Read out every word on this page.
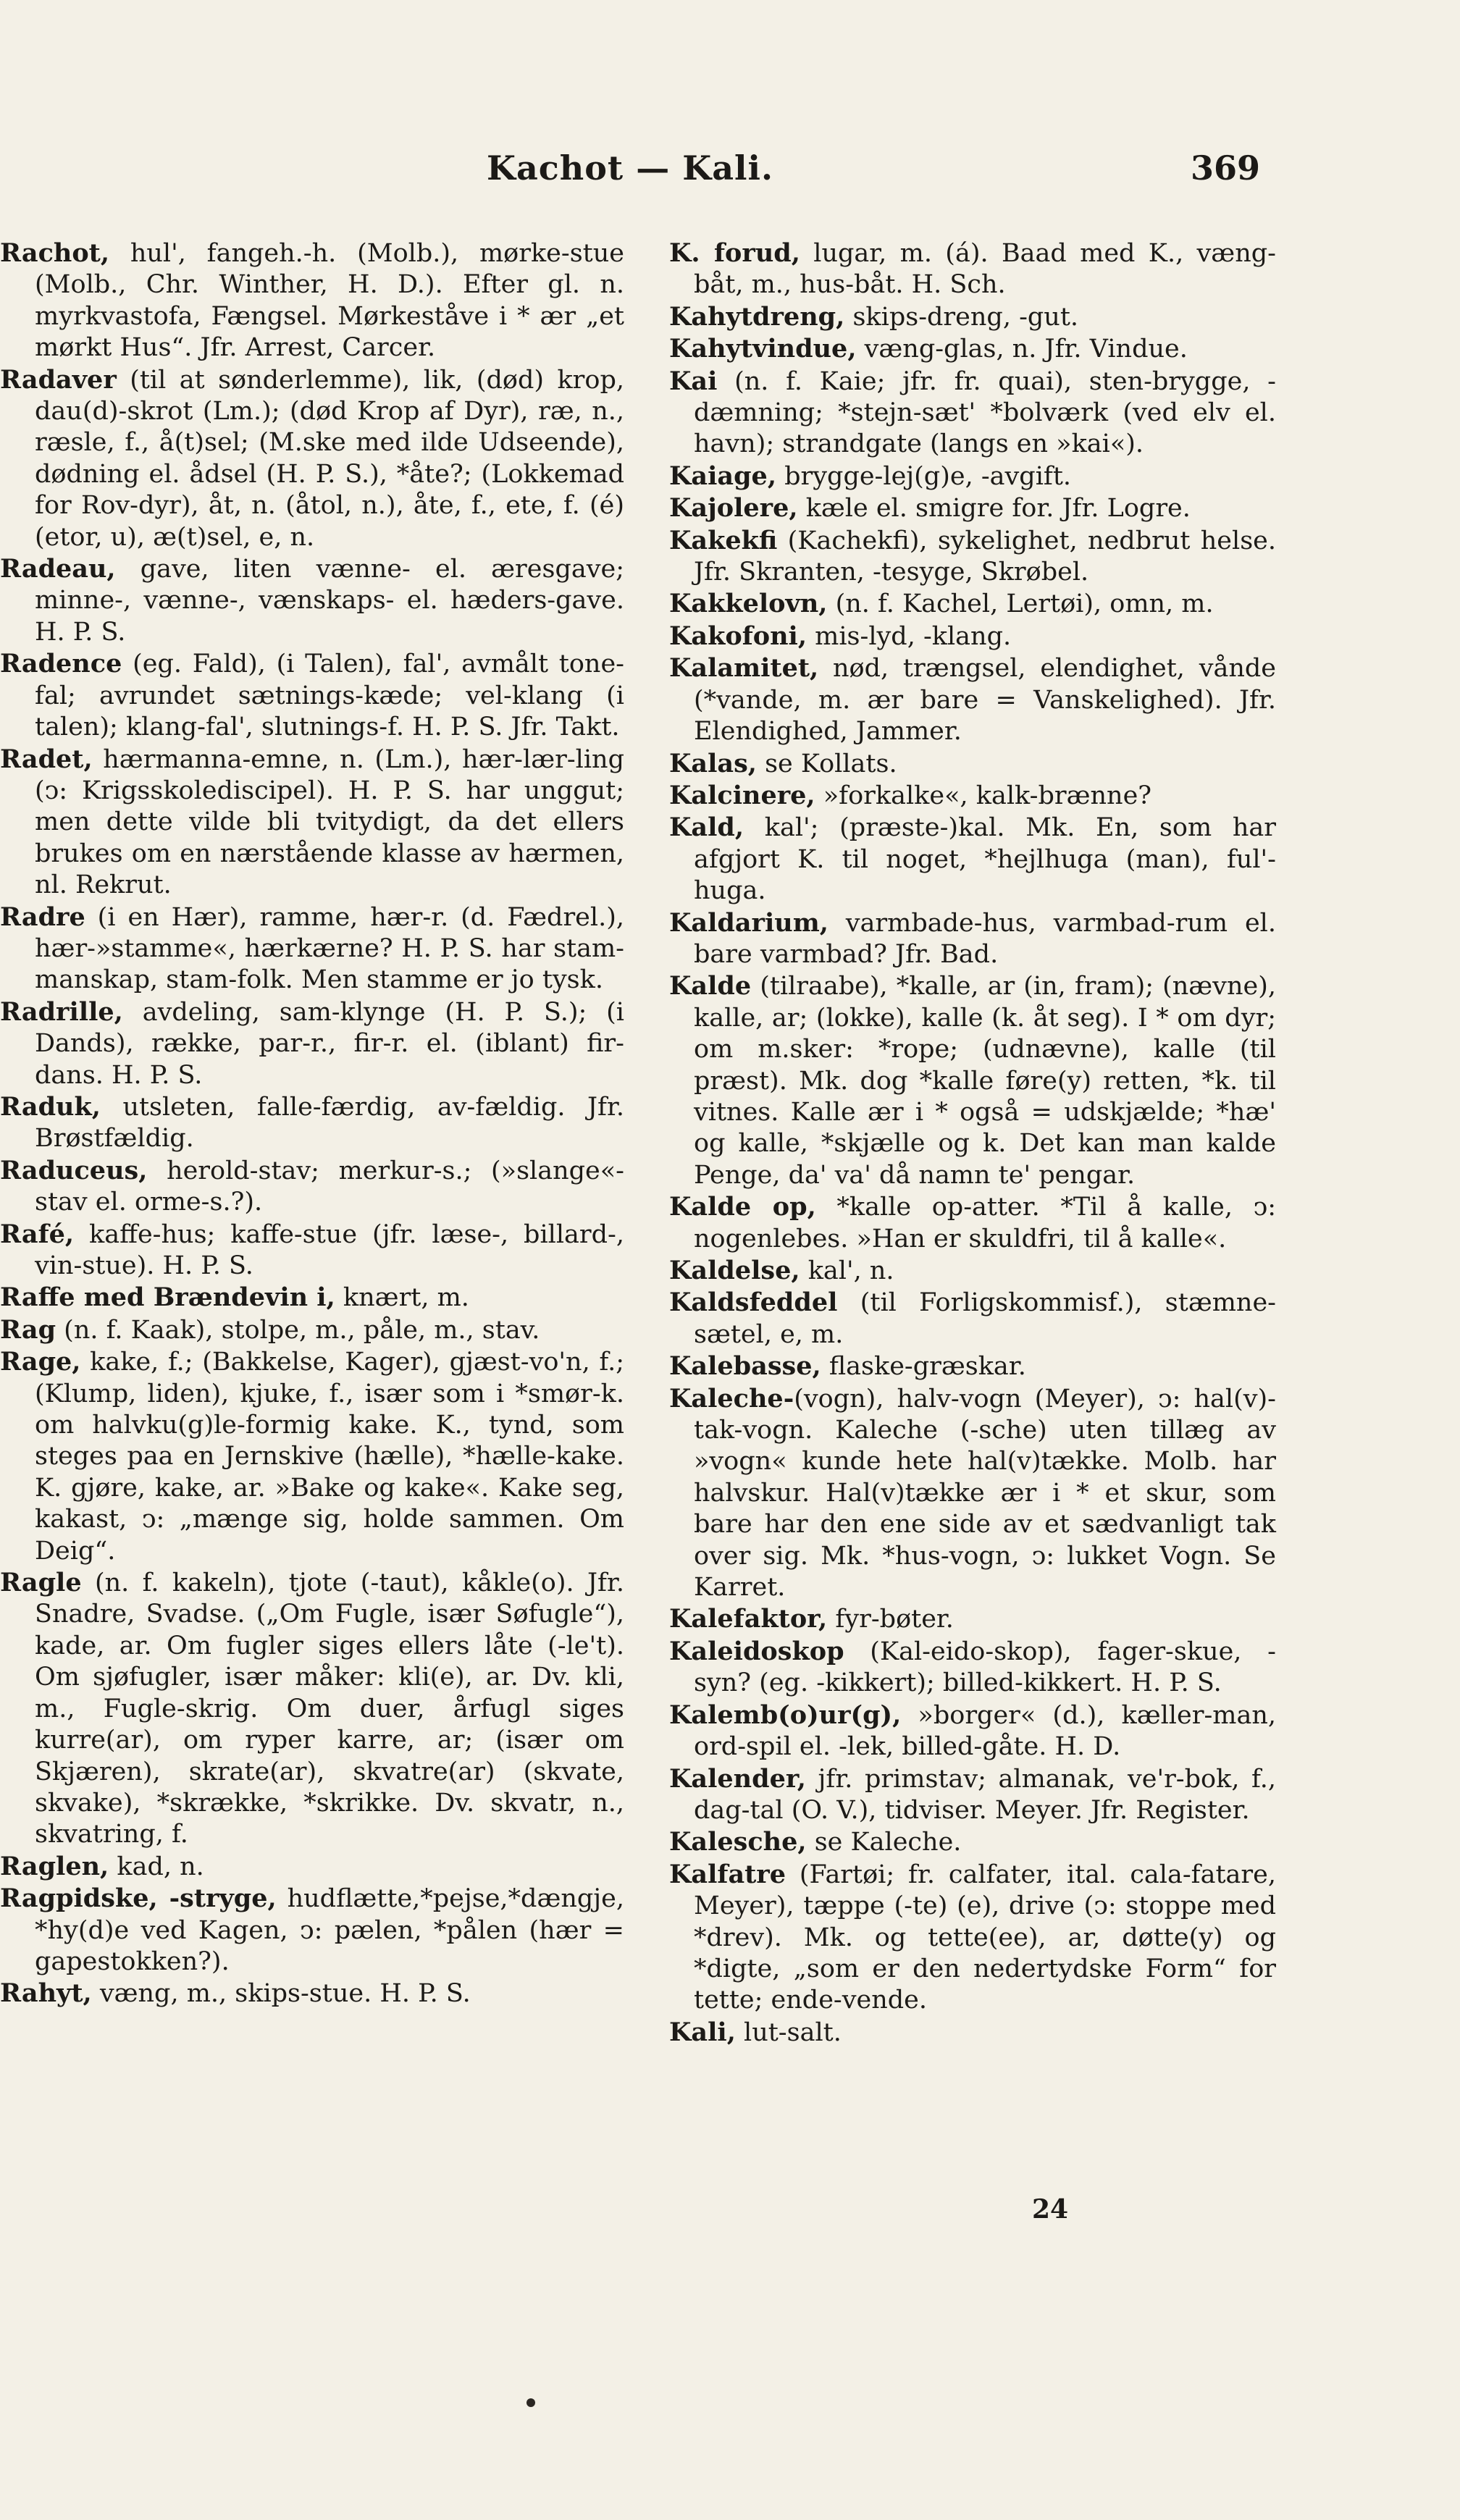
Kachot — Kali.	369

Rachot, hul', fangeh.-h. (Molb.), mørke-stue (Molb., Chr. Winther, H. D.). Efter gl. n. myrkvastofa, Fængsel. Mørkeståve i * ær „et mørkt Hus“. Jfr. Arrest, Carcer.

Radaver (til at sønderlemme), lik, (død) krop, dau(d)-skrot (Lm.); (død Krop af Dyr), ræ, n., ræsle, f., å(t)sel; (M.ske med ilde Udseende), dødning el. ådsel (H. P. S.), *åte?; (Lokkemad for Rov-dyr), åt, n. (åtol, n.), åte, f., ete, f. (é) (etor, u), æ(t)sel, e, n.

Radeau, gave, liten vænne- el. æresgave; minne-, vænne-, vænskaps- el. hæders-gave. H. P. S.

Radence (eg. Fald), (i Talen), fal', avmålt tone-fal; avrundet sætnings-kæde; vel-klang (i talen); klang-fal', slutnings-f. H. P. S. Jfr. Takt.

Radet, hærmanna-emne, n. (Lm.), hær-lær-ling (ↄ: Krigsskolediscipel). H. P. S. har unggut; men dette vilde bli tvitydigt, da det ellers brukes om en nærstående klasse av hærmen, nl. Rekrut.

Radre (i en Hær), ramme, hær-r. (d. Fædrel.), hær-»stamme«, hærkærne? H. P. S. har stam-manskap, stam-folk. Men stamme er jo tysk.

Radrille, avdeling, sam-klynge (H. P. S.); (i Dands), række, par-r., fir-r. el. (iblant) fir-dans. H. P. S.

Raduk, utsleten, falle-færdig, av-fældig. Jfr. Brøstfældig.

Raduceus, herold-stav; merkur-s.; (»slange«-stav el. orme-s.?).

Rafé, kaffe-hus; kaffe-stue (jfr. læse-, billard-, vin-stue). H. P. S.

Raffe med Brændevin i, knært, m.

Rag (n. f. Kaak), stolpe, m., påle, m., stav.

Rage, kake, f.; (Bakkelse, Kager), gjæst-vo'n, f.; (Klump, liden), kjuke, f., især som i *smør-k. om halvku(g)le-formig kake. K., tynd, som steges paa en Jernskive (hælle), *hælle-kake. K. gjøre, kake, ar. »Bake og kake«. Kake seg, kakast, ↄ: „mænge sig, holde sammen. Om Deig“.

Ragle (n. f. kakeln), tjote (-taut), kåkle(o). Jfr. Snadre, Svadse. („Om Fugle, især Søfugle“), kade, ar. Om fugler siges ellers låte (-le't). Om sjøfugler, især måker: kli(e), ar. Dv. kli, m., Fugle-skrig. Om duer, årfugl siges kurre(ar), om ryper karre, ar; (især om Skjæren), skrate(ar), skvatre(ar) (skvate, skvake), *skrække, *skrikke. Dv. skvatr, n., skvatring, f.

Raglen, kad, n.

Ragpidske, -stryge, hudflætte,*pejse,*dængje, *hy(d)e ved Kagen, ↄ: pælen, *pålen (hær = gapestokken?).

Rahyt, væng, m., skips-stue. H. P. S.

K. forud, lugar, m. (á). Baad med K., væng-båt, m., hus-båt. H. Sch.

Kahytdreng, skips-dreng, -gut.

Kahytvindue, væng-glas, n. Jfr. Vindue.

Kai (n. f. Kaie; jfr. fr. quai), sten-brygge, -dæmning; *stejn-sæt' *bolværk (ved elv el. havn); strandgate (langs en »kai«).

Kaiage, brygge-lej(g)e, -avgift.

Kajolere, kæle el. smigre for. Jfr. Logre.

Kakekfi (Kachekfi), sykelighet, nedbrut helse. Jfr. Skranten, -tesyge, Skrøbel.

Kakkelovn, (n. f. Kachel, Lertøi), omn, m.

Kakofoni, mis-lyd, -klang.

Kalamitet, nød, trængsel, elendighet, vånde (*vande, m. ær bare = Vanskelighed). Jfr. Elendighed, Jammer.

Kalas, se Kollats.

Kalcinere, »forkalke«, kalk-brænne?

Kald, kal'; (præste-)kal. Mk. En, som har afgjort K. til noget, *hejlhuga (man), ful'-huga.

Kaldarium, varmbade-hus, varmbad-rum el. bare varmbad? Jfr. Bad.

Kalde (tilraabe), *kalle, ar (in, fram); (nævne), kalle, ar; (lokke), kalle (k. åt seg). I * om dyr; om m.sker: *rope; (udnævne), kalle (til præst). Mk. dog *kalle føre(y) retten, *k. til vitnes. Kalle ær i * også = udskjælde; *hæ' og kalle, *skjælle og k. Det kan man kalde Penge, da' va' då namn te' pengar.

Kalde op, *kalle op-atter. *Til å kalle, ↄ: nogenlebes. »Han er skuldfri, til å kalle«.

Kaldelse, kal', n.

Kaldsfeddel (til Forligskommisf.), stæmne-sætel, e, m.

Kalebasse, flaske-græskar.

Kaleche-(vogn), halv-vogn (Meyer), ↄ: hal(v)-tak-vogn. Kaleche (-sche) uten tillæg av »vogn« kunde hete hal(v)tække. Molb. har halvskur. Hal(v)tække ær i * et skur, som bare har den ene side av et sædvanligt tak over sig. Mk. *hus-vogn, ↄ: lukket Vogn. Se Karret.

Kalefaktor, fyr-bøter.

Kaleidoskop (Kal-eido-skop), fager-skue, -syn? (eg. -kikkert); billed-kikkert. H. P. S.

Kalemb(o)ur(g), »borger« (d.), kæller-man, ord-spil el. -lek, billed-gåte. H. D.

Kalender, jfr. primstav; almanak, ve'r-bok, f., dag-tal (O. V.), tidviser. Meyer. Jfr. Register.

Kalesche, se Kaleche.

Kalfatre (Fartøi; fr. calfater, ital. cala-fatare, Meyer), tæppe (-te) (e), drive (ↄ: stoppe med *drev). Mk. og tette(ee), ar, døtte(y) og *digte, „som er den nedertydske Form“ for tette; ende-vende.

Kali, lut-salt.

24
